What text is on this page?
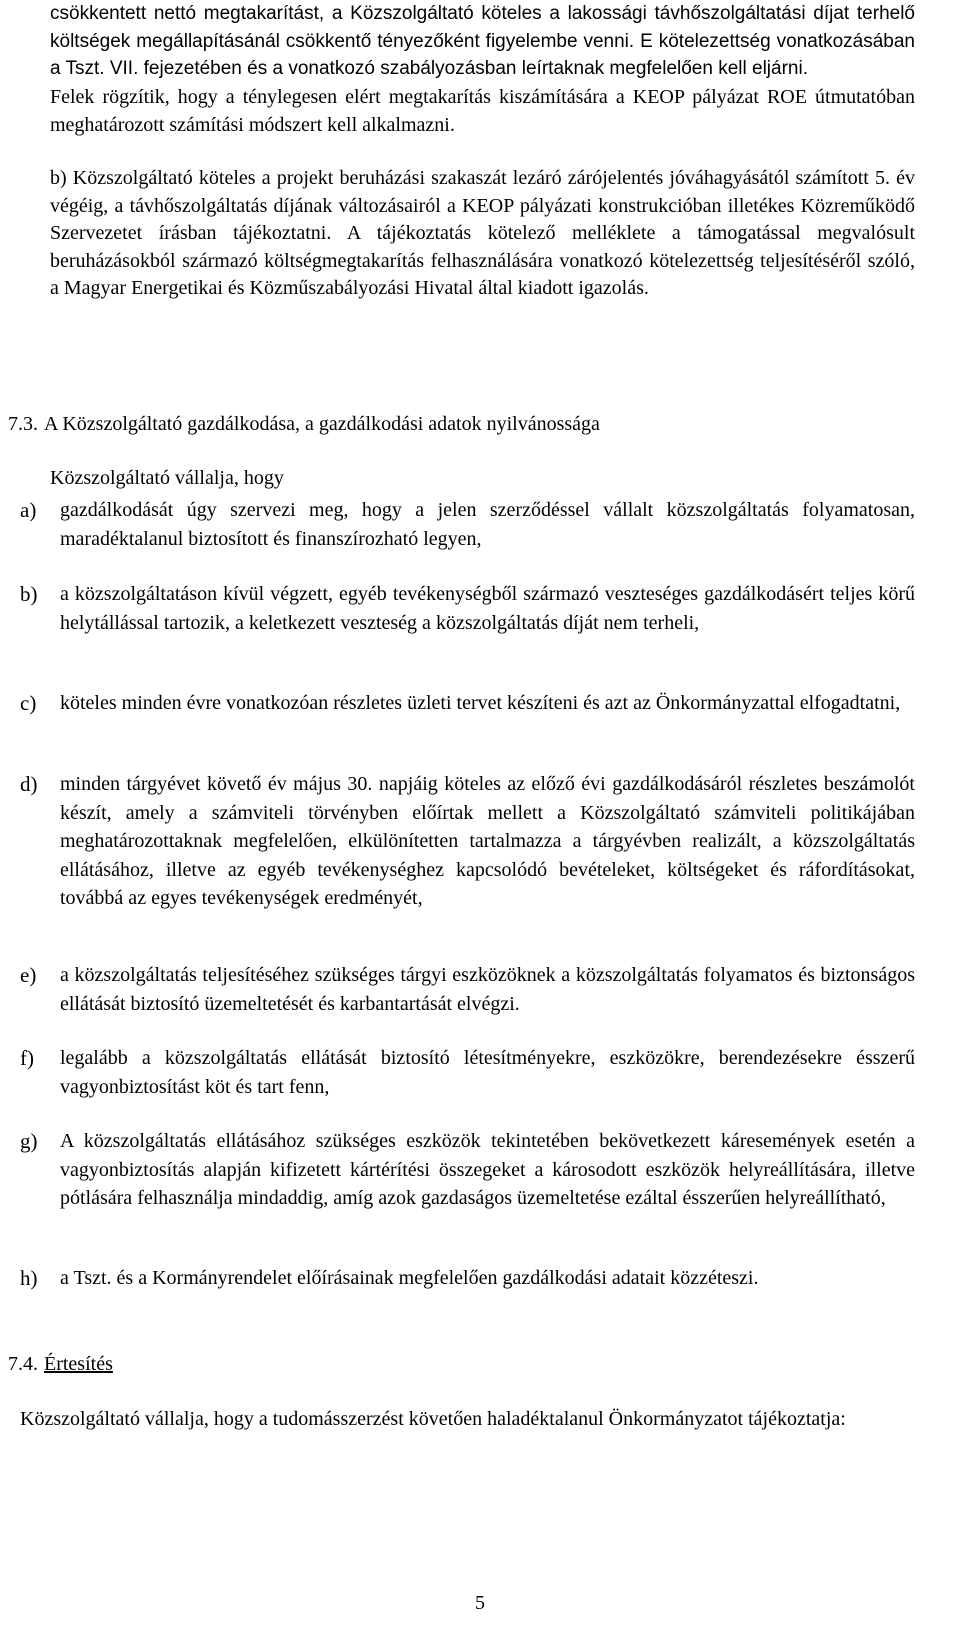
csökkentett nettó megtakarítást, a Közszolgáltató köteles a lakossági távhőszolgáltatási díjat terhelő költségek megállapításánál csökkentő tényezőként figyelembe venni. E kötelezettség vonatkozásában a Tszt. VII. fejezetében és a vonatkozó szabályozásban leírtaknak megfelelően kell eljárni.

Felek rögzítik, hogy a ténylegesen elért megtakarítás kiszámítására a KEOP pályázat ROE útmutatóban meghatározott számítási módszert kell alkalmazni.

b) Közszolgáltató köteles a projekt beruházási szakaszát lezáró zárójelentés jóváhagyásától számított 5. év végéig, a távhőszolgáltatás díjának változásairól a KEOP pályázati konstrukcióban illetékes Közreműködő Szervezetet írásban tájékoztatni. A tájékoztatás kötelező melléklete a támogatással megvalósult beruházásokból származó költségmegtakarítás felhasználására vonatkozó kötelezettség teljesítéséről szóló, a Magyar Energetikai és Közműszabályozási Hivatal által kiadott igazolás.

7.3. A Közszolgáltató gazdálkodása, a gazdálkodási adatok nyilvánossága

Közszolgáltató vállalja, hogy

a) gazdálkodását úgy szervezi meg, hogy a jelen szerződéssel vállalt közszolgáltatás folyamatosan, maradéktalanul biztosított és finanszírozható legyen,
b) a közszolgáltatáson kívül végzett, egyéb tevékenységből származó veszteséges gazdálkodásért teljes körű helytállással tartozik, a keletkezett veszteség a közszolgáltatás díját nem terheli,
c) köteles minden évre vonatkozóan részletes üzleti tervet készíteni és azt az Önkormányzattal elfogadtatni,
d) minden tárgyévet követő év május 30. napjáig köteles az előző évi gazdálkodásáról részletes beszámolót készít, amely a számviteli törvényben előírtak mellett a Közszolgáltató számviteli politikájában meghatározottaknak megfelelően, elkülönítetten tartalmazza a tárgyévben realizált, a közszolgáltatás ellátásához, illetve az egyéb tevékenységhez kapcsolódó bevételeket, költségeket és ráfordításokat, továbbá az egyes tevékenységek eredményét,
e) a közszolgáltatás teljesítéséhez szükséges tárgyi eszközöknek a közszolgáltatás folyamatos és biztonságos ellátását biztosító üzemeltetését és karbantartását elvégzi.
f) legalább a közszolgáltatás ellátását biztosító létesítményekre, eszközökre, berendezésekre ésszerű vagyonbiztosítást köt és tart fenn,
g) A közszolgáltatás ellátásához szükséges eszközök tekintetében bekövetkezett káresemények esetén a vagyonbiztosítás alapján kifizetett kártérítési összegeket a károsodott eszközök helyreállítására, illetve pótlására felhasználja mindaddig, amíg azok gazdaságos üzemeltetése ezáltal ésszerűen helyreállítható,
h) a Tszt. és a Kormányrendelet előírásainak megfelelően gazdálkodási adatait közzéteszi.
7.4. Értesítés

Közszolgáltató vállalja, hogy a tudomásszerzést követően haladéktalanul Önkormányzatot tájékoztatja:

5
